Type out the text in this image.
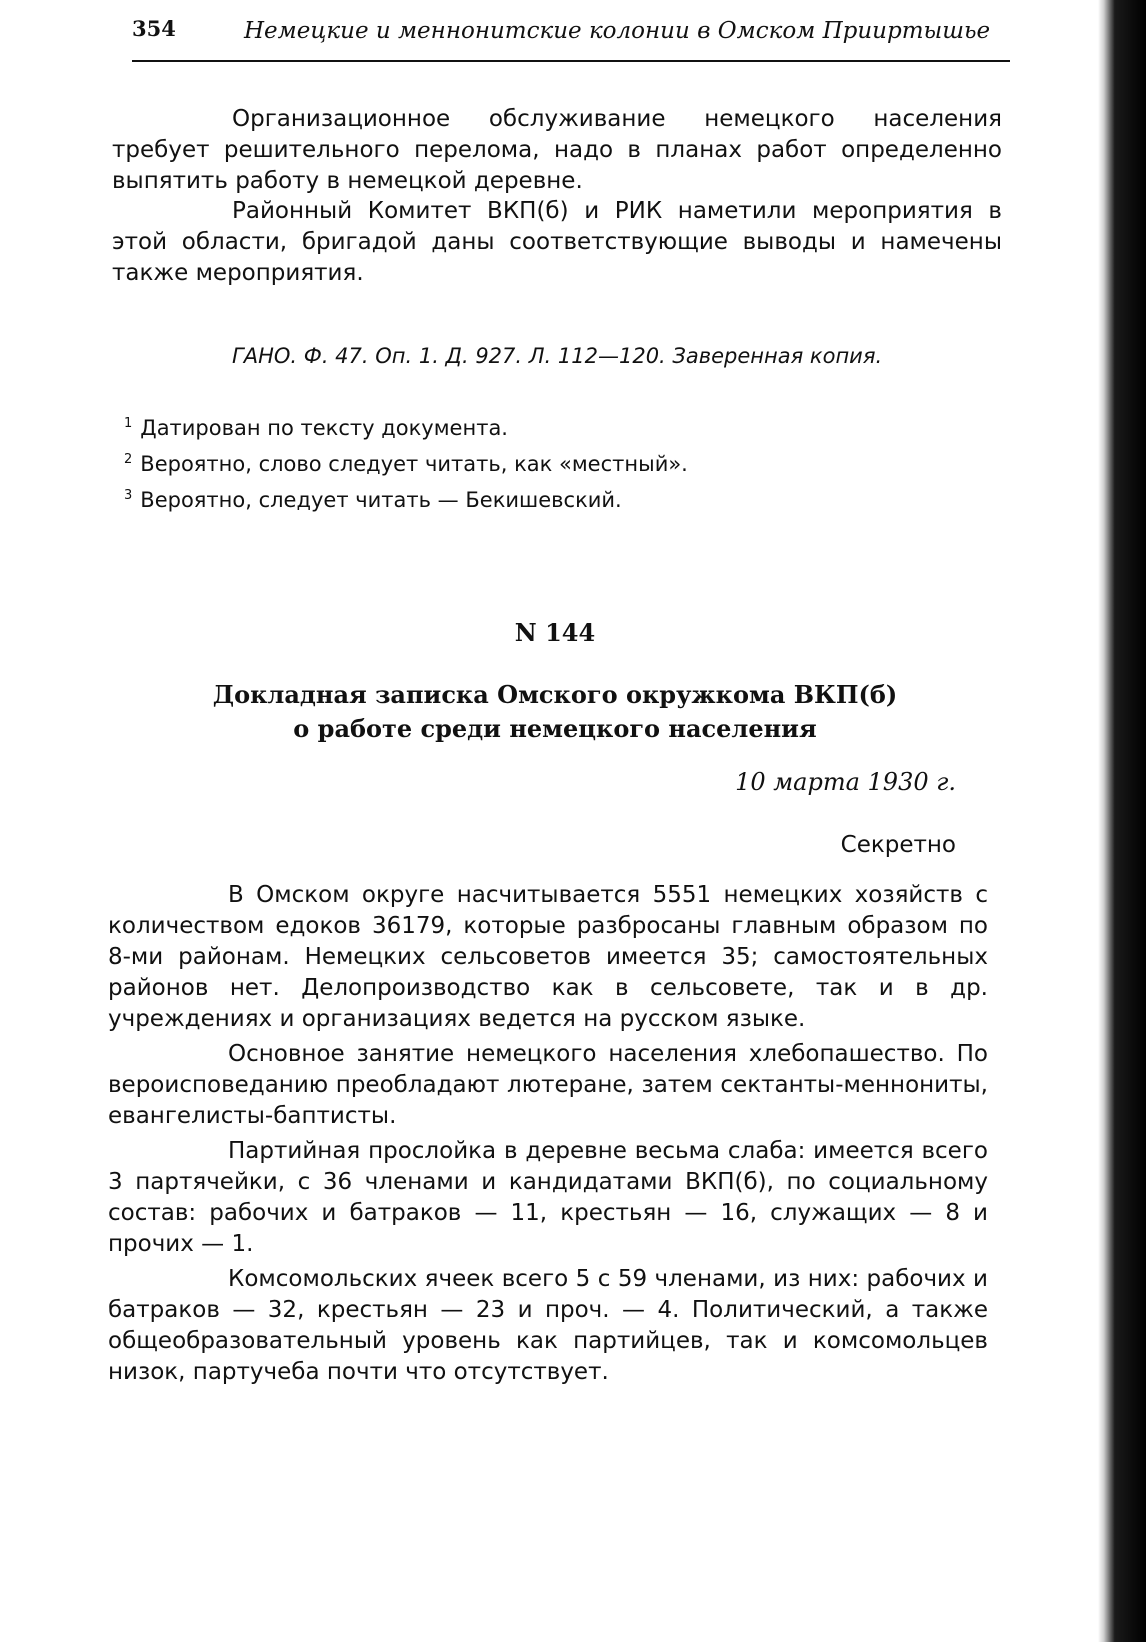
354	Немецкие и меннонитские колонии в Омском Прииртышье

Организационное обслуживание немецкого населения требует решительного перелома, надо в планах работ определенно выпятить работу в немецкой деревне.

Районный Комитет ВКП(б) и РИК наметили мероприятия в этой области, бригадой даны соответствующие выводы и намечены также мероприятия.

ГАНО. Ф. 47. Оп. 1. Д. 927. Л. 112—120. Заверенная копия.

$^1$ Датирован по тексту документа.

$^2$ Вероятно, слово следует читать, как «местный».

$^3$ Вероятно, следует читать — Бекишевский.

N 144
Докладная записка Омского окружкома ВКП(б)
о работе среди немецкого населения
10 марта 1930 г.
Секретно

В Омском округе насчитывается 5551 немецких хозяйств с количеством едоков 36179, которые разбросаны главным образом по 8-ми районам. Немецких сельсоветов имеется 35; самостоятельных районов нет. Делопроизводство как в сельсовете, так и в др. учреждениях и организациях ведется на русском языке.

Основное занятие немецкого населения хлебопашество. По вероисповеданию преобладают лютеране, затем сектанты-меннониты, евангелисты-баптисты.

Партийная прослойка в деревне весьма слаба: имеется всего 3 партячейки, с 36 членами и кандидатами ВКП(б), по социальному состав: рабочих и батраков — 11, крестьян — 16, служащих — 8 и прочих — 1.

Комсомольских ячеек всего 5 с 59 членами, из них: рабочих и батраков — 32, крестьян — 23 и проч. — 4. Политический, а также общеобразовательный уровень как партийцев, так и комсомольцев низок, партучеба почти что отсутствует.
